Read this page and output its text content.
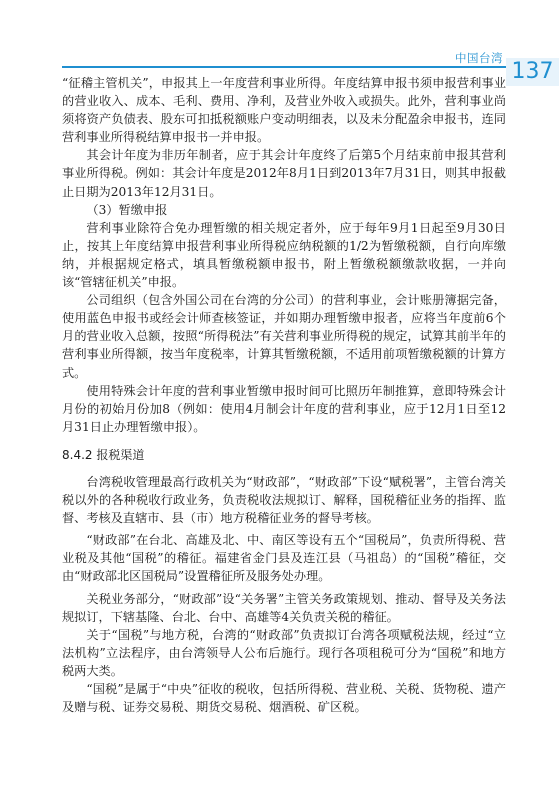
中国台湾
137

“征稽主管机关”，申报其上一年度营利事业所得。年度结算申报书须申报营利事业的营业收入、成本、毛利、费用、净利，及营业外收入或损失。此外，营利事业尚须将资产负债表、股东可扣抵税额账户变动明细表，以及未分配盈余申报书，连同营利事业所得税结算申报书一并申报。

其会计年度为非历年制者，应于其会计年度终了后第5个月结束前申报其营利事业所得税。例如：其会计年度是2012年8月1日到2013年7月31日，则其申报截止日期为2013年12月31日。

（3）暂缴申报

营利事业除符合免办理暂缴的相关规定者外，应于每年9月1日起至9月30日止，按其上年度结算申报营利事业所得税应纳税额的1/2为暂缴税额，自行向库缴纳，并根据规定格式，填具暂缴税额申报书，附上暂缴税额缴款收据，一并向该“管辖征机关”申报。

公司组织（包含外国公司在台湾的分公司）的营利事业，会计账册簿据完备，使用蓝色申报书或经会计师查核签证，并如期办理暂缴申报者，应将当年度前6个月的营业收入总额，按照“所得税法”有关营利事业所得税的规定，试算其前半年的营利事业所得额，按当年度税率，计算其暂缴税额，不适用前项暂缴税额的计算方式。

使用特殊会计年度的营利事业暂缴申报时间可比照历年制推算，意即特殊会计月份的初始月份加8（例如：使用4月制会计年度的营利事业，应于12月1日至12月31日止办理暂缴申报）。

8.4.2 报税渠道

台湾税收管理最高行政机关为“财政部”，“财政部”下设“赋税署”，主管台湾关税以外的各种税收行政业务，负责税收法规拟订、解释，国税稽征业务的指挥、监督、考核及直辖市、县（市）地方税稽征业务的督导考核。

“财政部”在台北、高雄及北、中、南区等设有五个“国税局”，负责所得税、营业税及其他“国税”的稽征。福建省金门县及连江县（马祖岛）的“国税”稽征，交由“财政部北区国税局”设置稽征所及服务处办理。

关税业务部分，“财政部”设“关务署”主管关务政策规划、推动、督导及关务法规拟订，下辖基隆、台北、台中、高雄等4关负责关税的稽征。

关于“国税”与地方税，台湾的“财政部”负责拟订台湾各项赋税法规，经过“立法机构”立法程序，由台湾领导人公布后施行。现行各项租税可分为“国税”和地方税两大类。

“国税”是属于“中央”征收的税收，包括所得税、营业税、关税、货物税、遗产及赠与税、证券交易税、期货交易税、烟酒税、矿区税。
